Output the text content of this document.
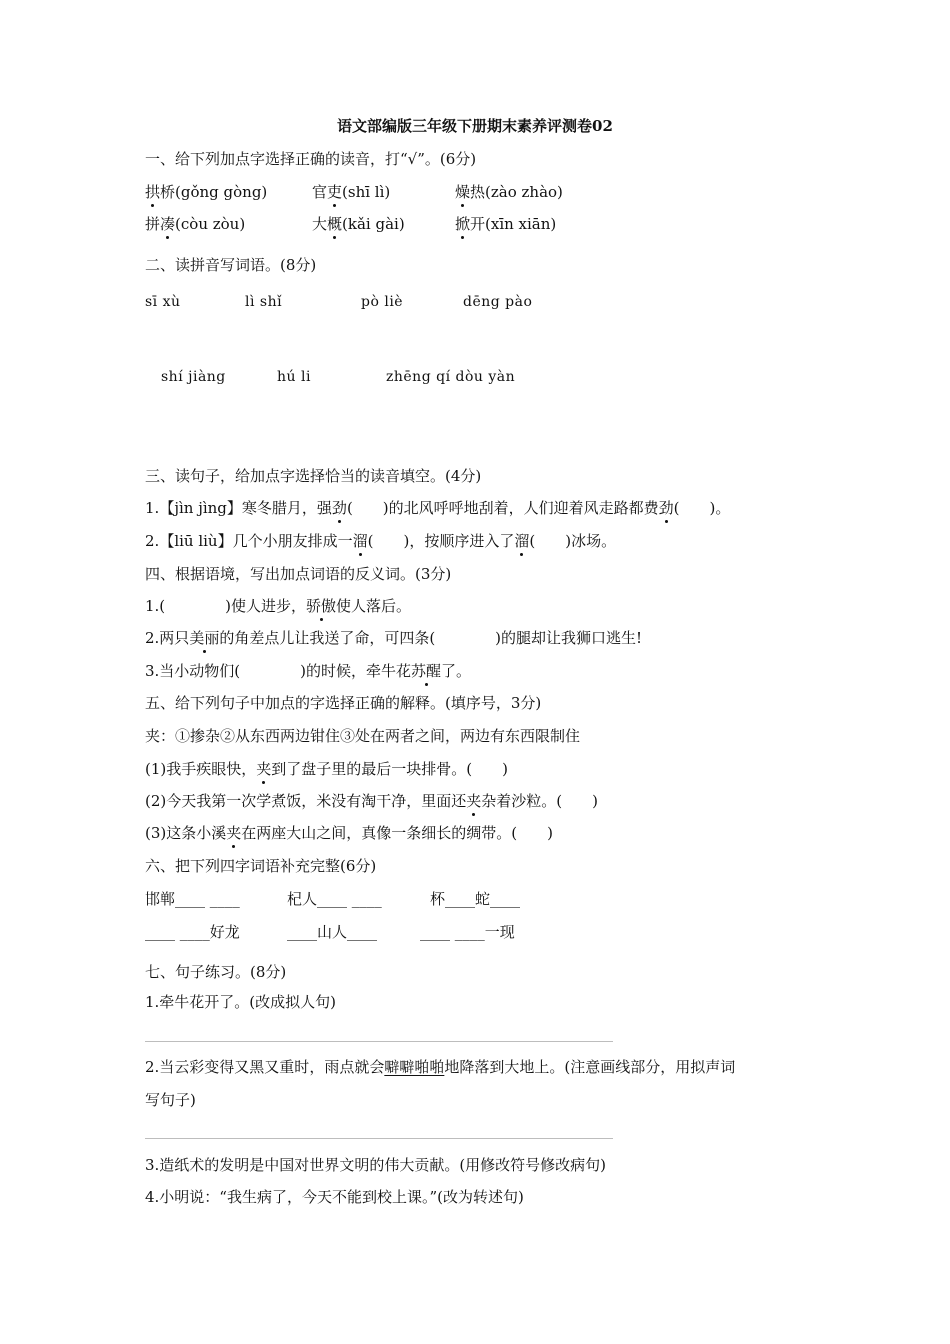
语文部编版三年级下册期末素养评测卷02
一、给下列加点字选择正确的读音，打“√”。(6分)
拱桥(gǒng gòng)	官吏(shī lì)	燥热(zào zhào)
拼凑(còu zòu)	大概(kǎi gài)	掀开(xīn xiān)
二、读拼音写词语。(8分)
sī xù	lì shǐ	pò liè	dēng pào
shí jiàng	hú li	zhēng qí dòu yàn
三、读句子，给加点字选择恰当的读音填空。(4分)
1.【jìn jìng】寒冬腊月，强劲(　　)的北风呼呼地刮着，人们迎着风走路都费劲(　　)。
2.【liū liù】几个小朋友排成一溜(　　)，按顺序进入了溜(　　)冰场。
四、根据语境，写出加点词语的反义词。(3分)
1.(　　　　)使人进步，骄傲使人落后。
2.两只美丽的角差点儿让我送了命，可四条(　　　　)的腿却让我狮口逃生!
3.当小动物们(　　　　)的时候，牵牛花苏醒了。
五、给下列句子中加点的字选择正确的解释。(填序号，3分)
夹：①掺杂②从东西两边钳住③处在两者之间，两边有东西限制住
(1)我手疾眼快，夹到了盘子里的最后一块排骨。(　　)
(2)今天我第一次学煮饭，米没有淘干净，里面还夹杂着沙粒。(　　)
(3)这条小溪夹在两座大山之间，真像一条细长的绸带。(　　)
六、把下列四字词语补充完整(6分)
邯郸____ ____	杞人____ ____	杯____蛇____
____ ____好龙	____山人____	____ ____一现
七、句子练习。(8分)
1.牵牛花开了。(改成拟人句)
2.当云彩变得又黑又重时，雨点就会噼噼啪啪地降落到大地上。(注意画线部分，用拟声词
写句子)
3.造纸术的发明是中国对世界文明的伟大贡献。(用修改符号修改病句)
4.小明说：“我生病了，今天不能到校上课。”(改为转述句)
